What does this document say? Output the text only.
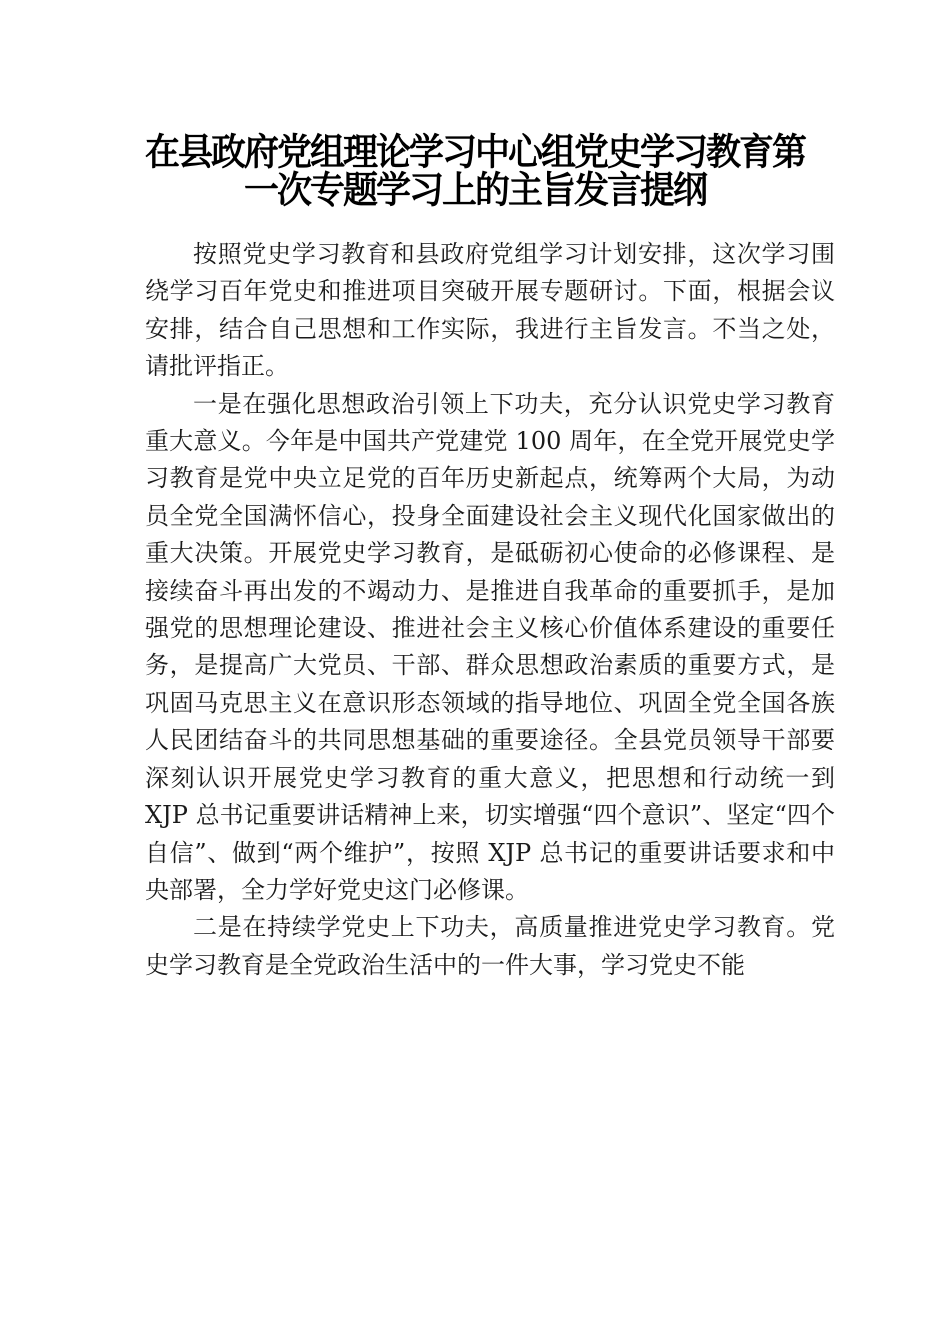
在县政府党组理论学习中心组党史学习教育第一次专题学习上的主旨发言提纲

按照党史学习教育和县政府党组学习计划安排，这次学习围绕学习百年党史和推进项目突破开展专题研讨。下面，根据会议安排，结合自己思想和工作实际，我进行主旨发言。不当之处，请批评指正。

一是在强化思想政治引领上下功夫，充分认识党史学习教育重大意义。今年是中国共产党建党 100 周年，在全党开展党史学习教育是党中央立足党的百年历史新起点，统筹两个大局，为动员全党全国满怀信心，投身全面建设社会主义现代化国家做出的重大决策。开展党史学习教育，是砥砺初心使命的必修课程、是接续奋斗再出发的不竭动力、是推进自我革命的重要抓手，是加强党的思想理论建设、推进社会主义核心价值体系建设的重要任务，是提高广大党员、干部、群众思想政治素质的重要方式，是巩固马克思主义在意识形态领域的指导地位、巩固全党全国各族人民团结奋斗的共同思想基础的重要途径。全县党员领导干部要深刻认识开展党史学习教育的重大意义，把思想和行动统一到 XJP 总书记重要讲话精神上来，切实增强“四个意识”、坚定“四个自信”、做到“两个维护”，按照 XJP 总书记的重要讲话要求和中央部署，全力学好党史这门必修课。

二是在持续学党史上下功夫，高质量推进党史学习教育。党史学习教育是全党政治生活中的一件大事，学习党史不能
